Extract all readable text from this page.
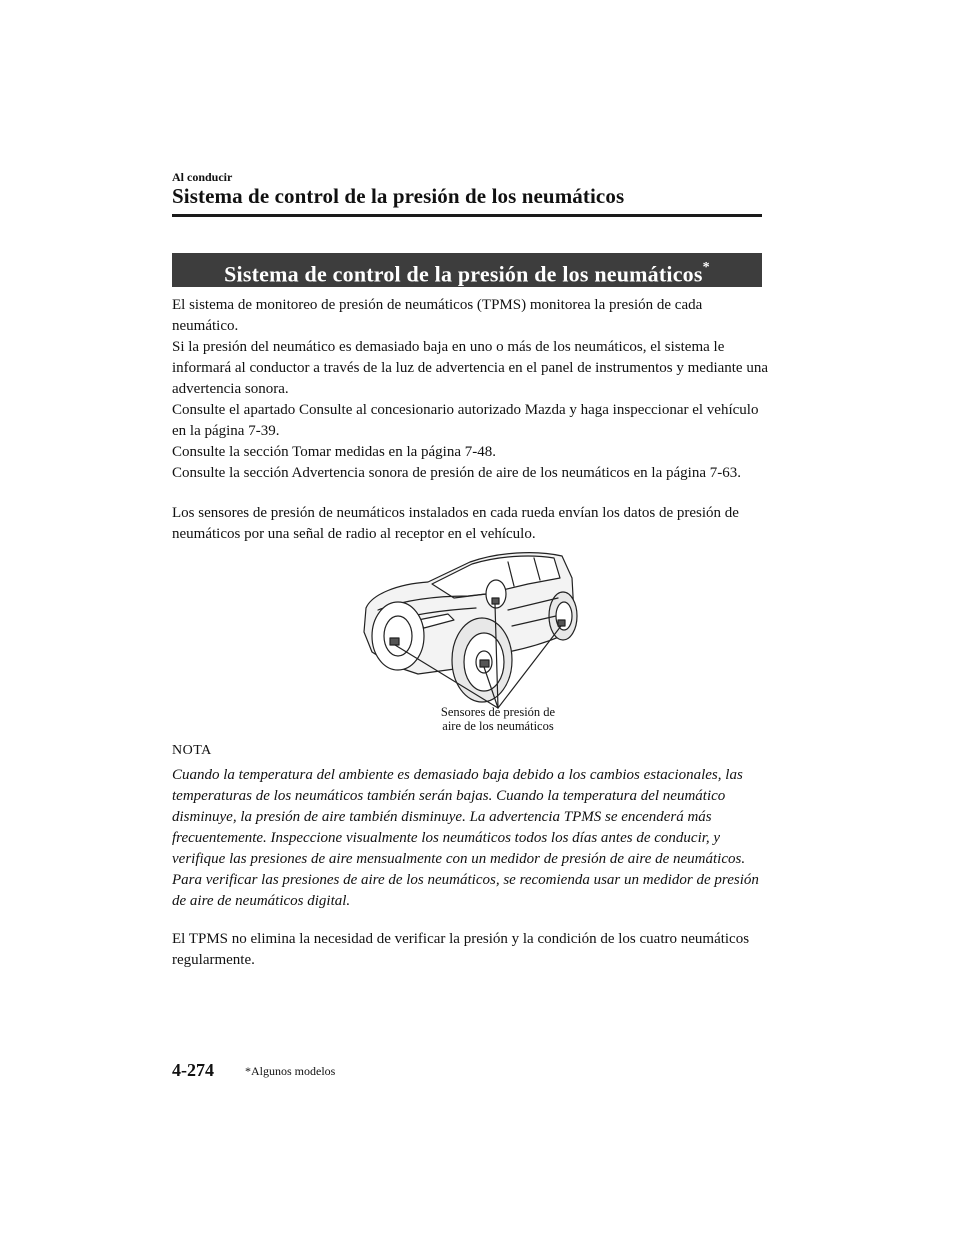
Al conducir
Sistema de control de la presión de los neumáticos
Sistema de control de la presión de los neumáticos*

El sistema de monitoreo de presión de neumáticos (TPMS) monitorea la presión de cada neumático.

Si la presión del neumático es demasiado baja en uno o más de los neumáticos, el sistema le informará al conductor a través de la luz de advertencia en el panel de instrumentos y mediante una advertencia sonora.

Consulte el apartado Consulte al concesionario autorizado Mazda y haga inspeccionar el vehículo en la página 7-39.

Consulte la sección Tomar medidas en la página 7-48.

Consulte la sección Advertencia sonora de presión de aire de los neumáticos en la página 7-63.

Los sensores de presión de neumáticos instalados en cada rueda envían los datos de presión de neumáticos por una señal de radio al receptor en el vehículo.

Sensores de presión de
aire de los neumáticos
NOTA

Cuando la temperatura del ambiente es demasiado baja debido a los cambios estacionales, las temperaturas de los neumáticos también serán bajas. Cuando la temperatura del neumático disminuye, la presión de aire también disminuye. La advertencia TPMS se encenderá más frecuentemente. Inspeccione visualmente los neumáticos todos los días antes de conducir, y verifique las presiones de aire mensualmente con un medidor de presión de aire de neumáticos. Para verificar las presiones de aire de los neumáticos, se recomienda usar un medidor de presión de aire de neumáticos digital.

El TPMS no elimina la necesidad de verificar la presión y la condición de los cuatro neumáticos regularmente.

4-274	*Algunos modelos
